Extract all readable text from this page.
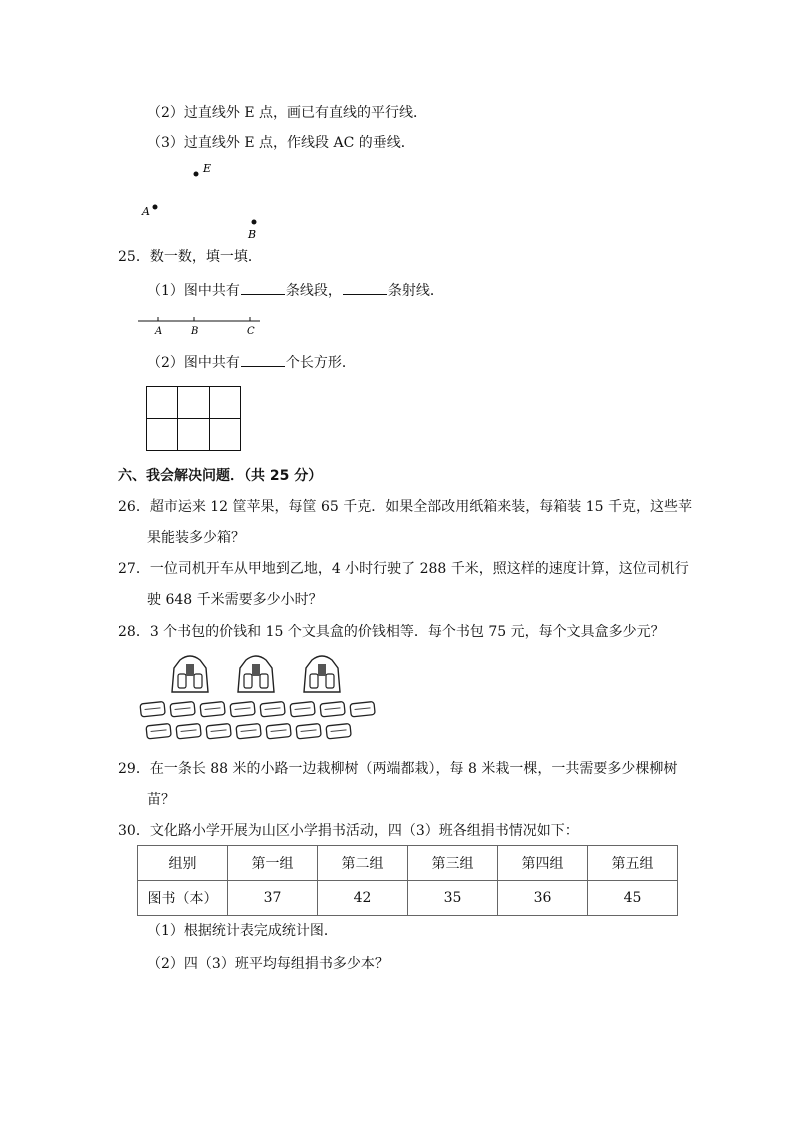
（2）过直线外 E 点，画已有直线的平行线．
（3）过直线外 E 点，作线段 AC 的垂线．
E
A
B
25．数一数，填一填．
（1）图中共有	条线段，	条射线．
A	B	C
（2）图中共有	个长方形．
六、我会解决问题．（共 25 分）
26．超市运来 12 筐苹果，每筐 65 千克．如果全部改用纸箱来装，每箱装 15 千克，这些苹
果能装多少箱？
27．一位司机开车从甲地到乙地，4 小时行驶了 288 千米，照这样的速度计算，这位司机行
驶 648 千米需要多少小时？
28．3 个书包的价钱和 15 个文具盒的价钱相等．每个书包 75 元，每个文具盒多少元？
29．在一条长 88 米的小路一边栽柳树（两端都栽），每 8 米栽一棵，一共需要多少棵柳树
苗？
30．文化路小学开展为山区小学捐书活动，四（3）班各组捐书情况如下：
组别	第一组	第二组	第三组	第四组	第五组
图书（本）	37	42	35	36	45
（1）根据统计表完成统计图．
（2）四（3）班平均每组捐书多少本？
